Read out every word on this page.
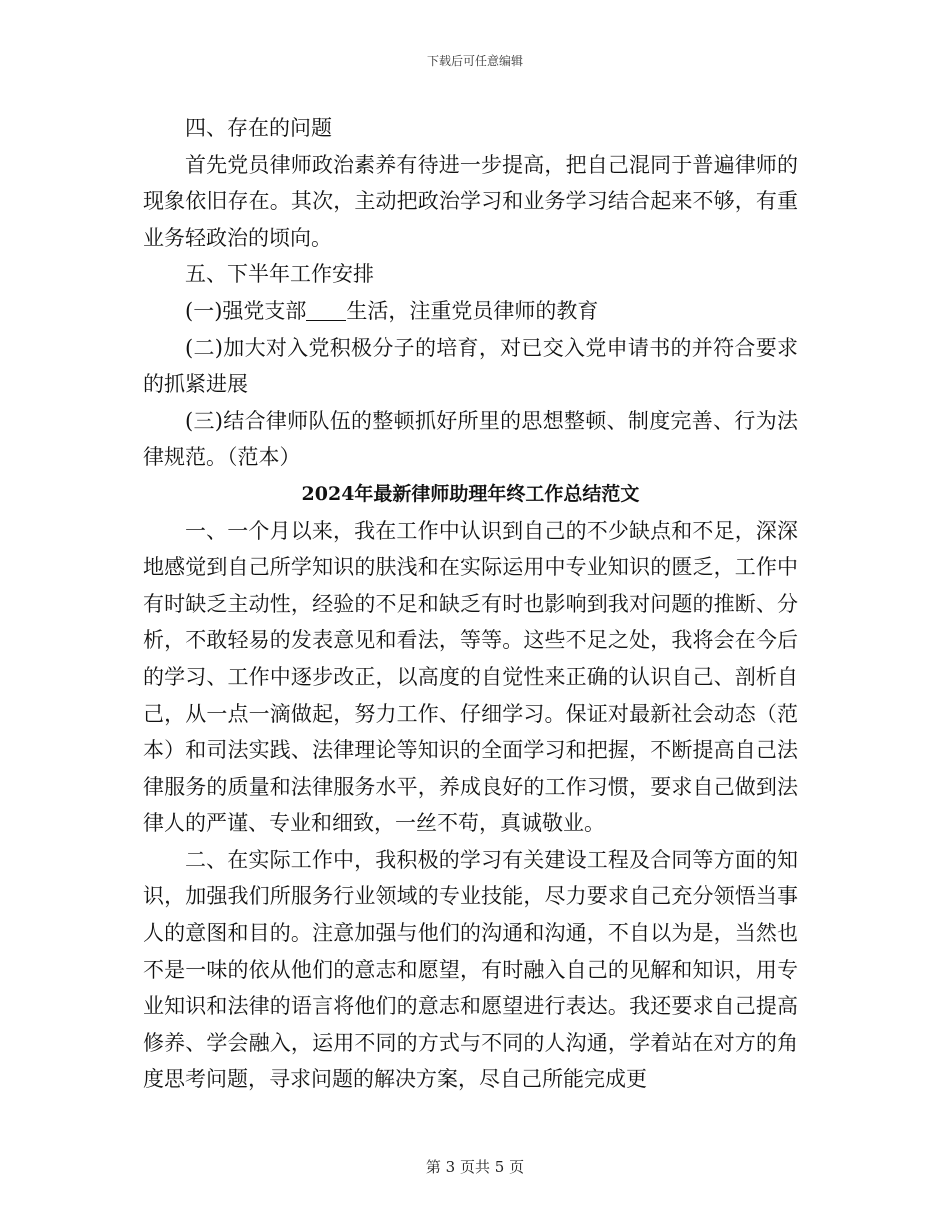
下载后可任意编辑

四、存在的问题

首先党员律师政治素养有待进一步提高，把自己混同于普遍律师的现象依旧存在。其次，主动把政治学习和业务学习结合起来不够，有重业务轻政治的顷向。

五、下半年工作安排

(一)强党支部 生活，注重党员律师的教育

(二)加大对入党积极分子的培育，对已交入党申请书的并符合要求的抓紧进展

(三)结合律师队伍的整顿抓好所里的思想整顿、制度完善、行为法律规范。（范本）

2024年最新律师助理年终工作总结范文

一、一个月以来，我在工作中认识到自己的不少缺点和不足，深深地感觉到自己所学知识的肤浅和在实际运用中专业知识的匮乏，工作中有时缺乏主动性，经验的不足和缺乏有时也影响到我对问题的推断、分析，不敢轻易的发表意见和看法，等等。这些不足之处，我将会在今后的学习、工作中逐步改正，以高度的自觉性来正确的认识自己、剖析自己，从一点一滴做起，努力工作、仔细学习。保证对最新社会动态（范本）和司法实践、法律理论等知识的全面学习和把握，不断提高自己法律服务的质量和法律服务水平，养成良好的工作习惯，要求自己做到法律人的严谨、专业和细致，一丝不苟，真诚敬业。

二、在实际工作中，我积极的学习有关建设工程及合同等方面的知识，加强我们所服务行业领域的专业技能，尽力要求自己充分领悟当事人的意图和目的。注意加强与他们的沟通和沟通，不自以为是，当然也不是一味的依从他们的意志和愿望，有时融入自己的见解和知识，用专业知识和法律的语言将他们的意志和愿望进行表达。我还要求自己提高修养、学会融入，运用不同的方式与不同的人沟通，学着站在对方的角度思考问题，寻求问题的解决方案，尽自己所能完成更

第 3 页共 5 页
